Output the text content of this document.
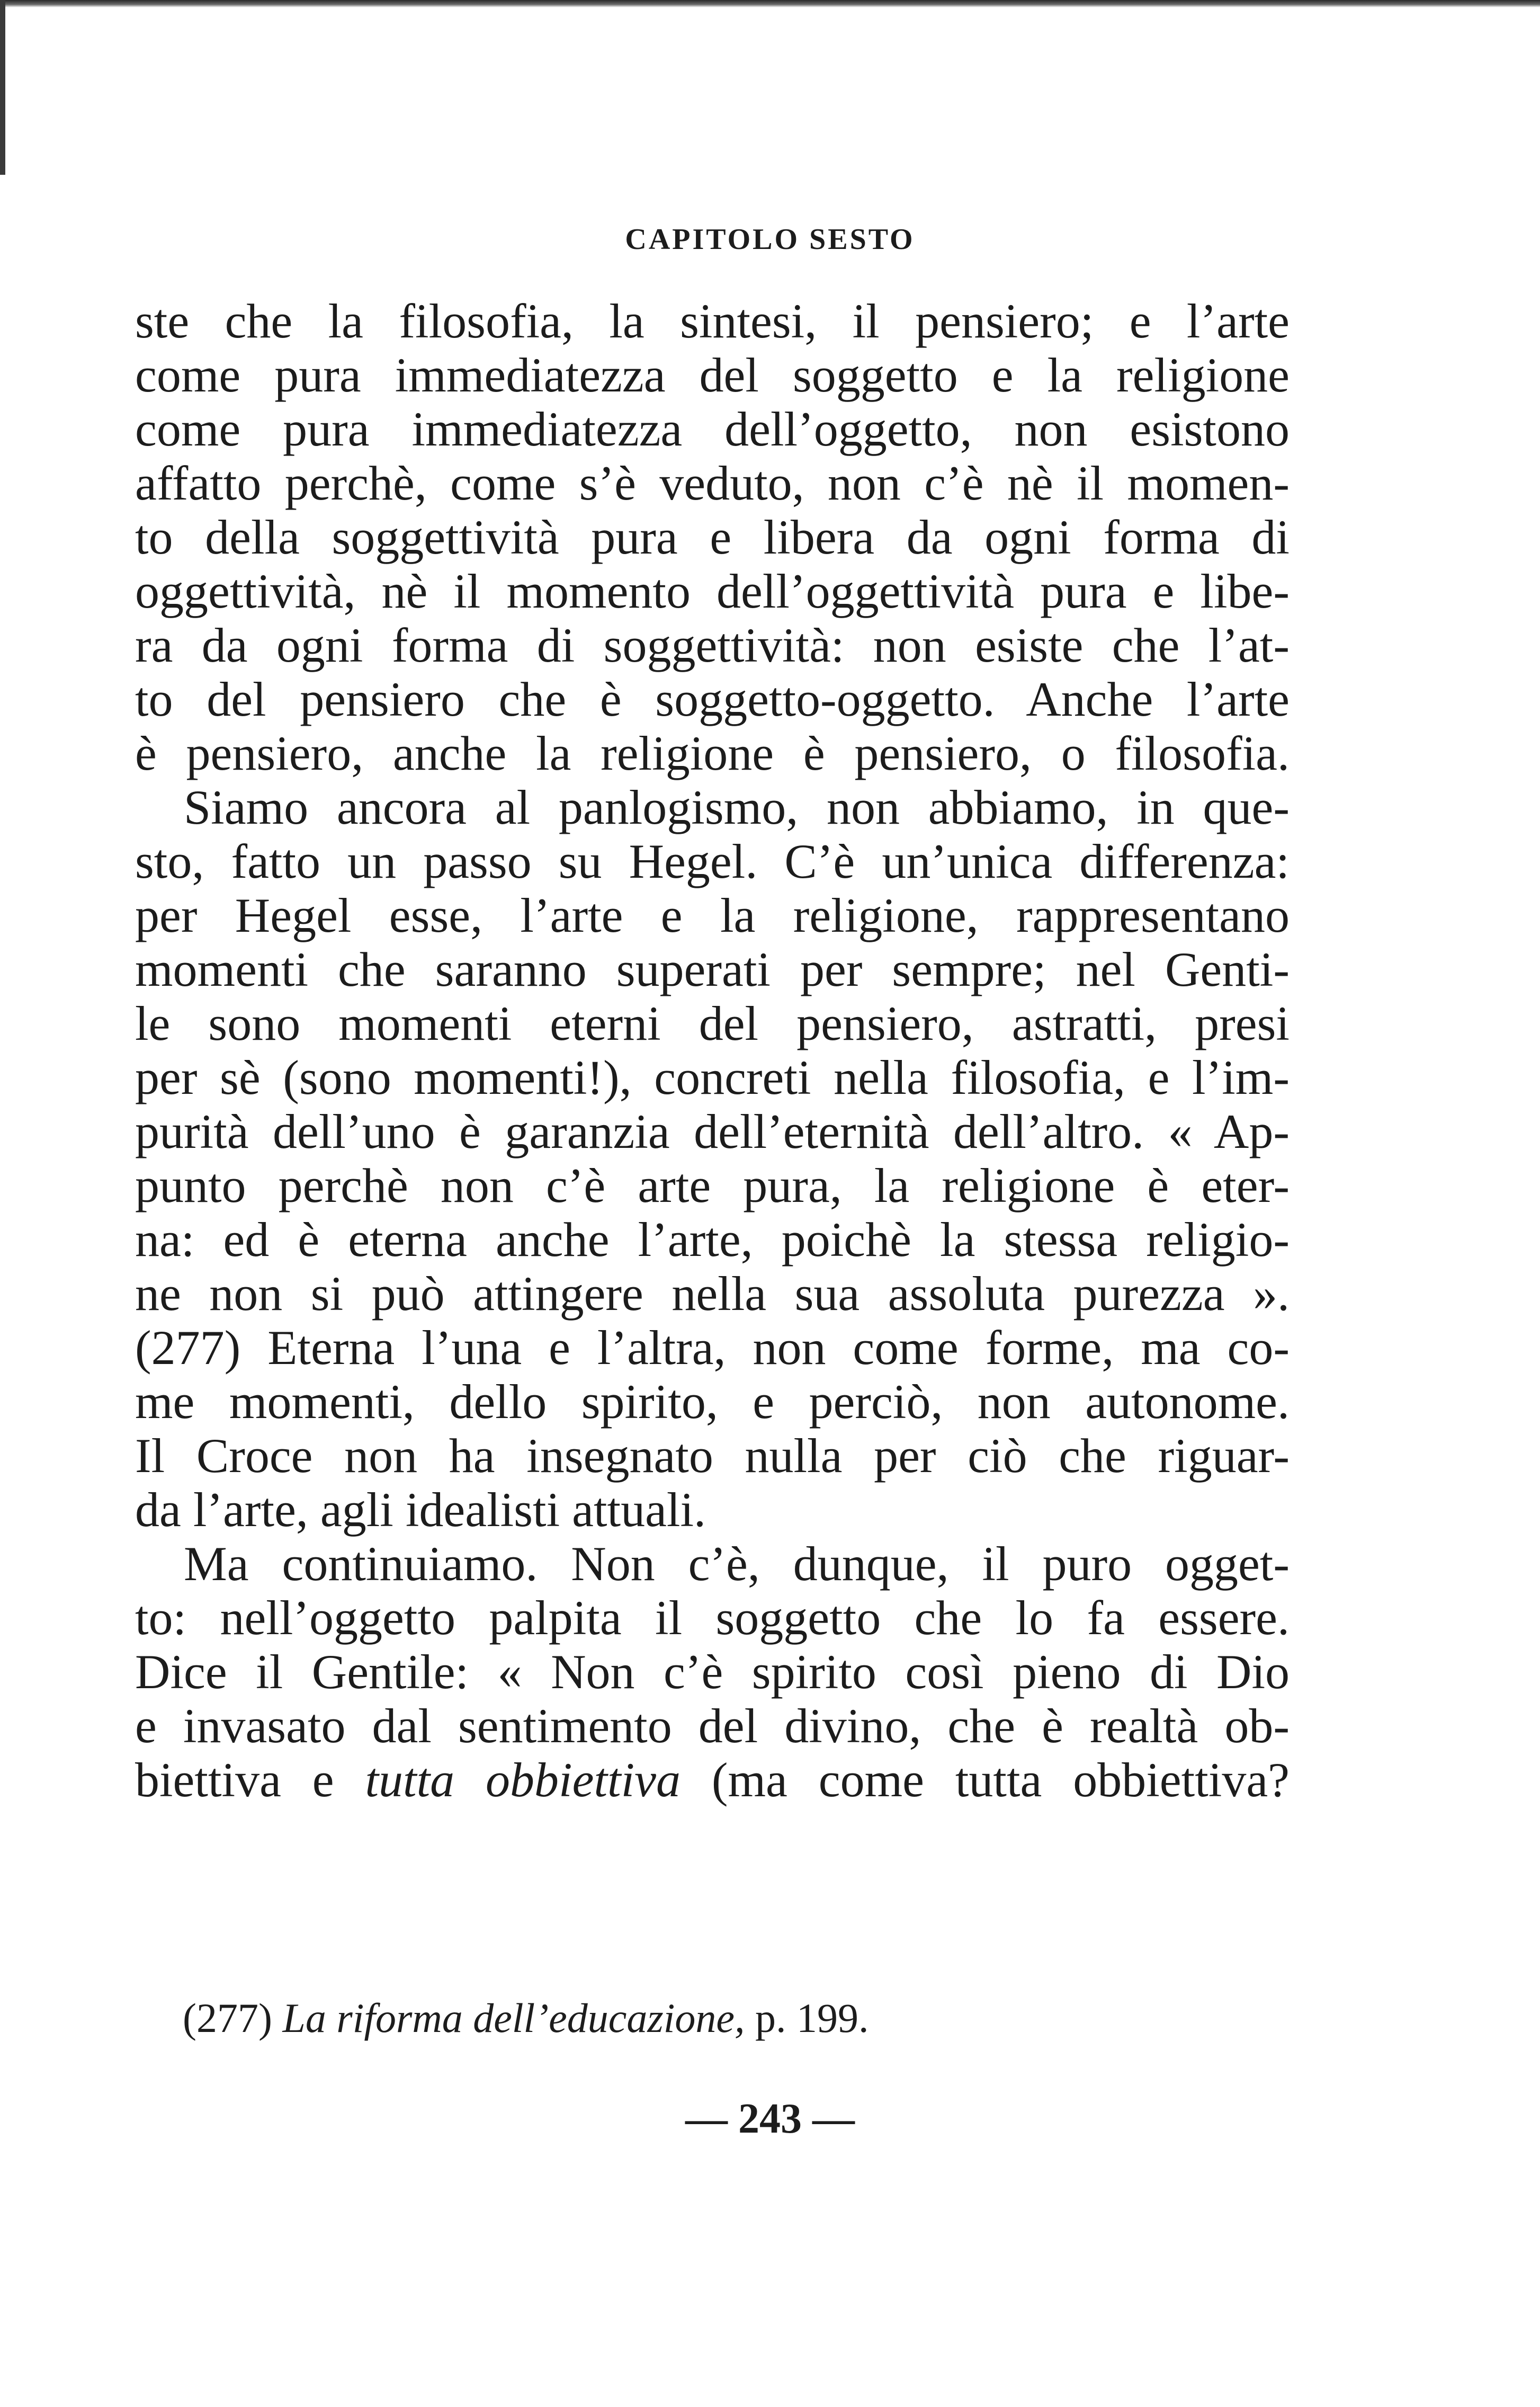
CAPITOLO SESTO
ste che la filosofia, la sintesi, il pensiero; e l’arte
come pura immediatezza del soggetto e la religione
come pura immediatezza dell’oggetto, non esistono
affatto perchè, come s’è veduto, non c’è nè il momen-
to della soggettività pura e libera da ogni forma di
oggettività, nè il momento dell’oggettività pura e libe-
ra da ogni forma di soggettività: non esiste che l’at-
to del pensiero che è soggetto-oggetto. Anche l’arte
è pensiero, anche la religione è pensiero, o filosofia.
Siamo ancora al panlogismo, non abbiamo, in que-
sto, fatto un passo su Hegel. C’è un’unica differenza:
per Hegel esse, l’arte e la religione, rappresentano
momenti che saranno superati per sempre; nel Genti-
le sono momenti eterni del pensiero, astratti, presi
per sè (sono momenti!), concreti nella filosofia, e l’im-
purità dell’uno è garanzia dell’eternità dell’altro. « Ap-
punto perchè non c’è arte pura, la religione è eter-
na: ed è eterna anche l’arte, poichè la stessa religio-
ne non si può attingere nella sua assoluta purezza ».
(277) Eterna l’una e l’altra, non come forme, ma co-
me momenti, dello spirito, e perciò, non autonome.
Il Croce non ha insegnato nulla per ciò che riguar-
da l’arte, agli idealisti attuali.
Ma continuiamo. Non c’è, dunque, il puro ogget-
to: nell’oggetto palpita il soggetto che lo fa essere.
Dice il Gentile: « Non c’è spirito così pieno di Dio
e invasato dal sentimento del divino, che è realtà ob-
biettiva e tutta obbiettiva (ma come tutta obbiettiva?
(277) La riforma dell’educazione, p. 199.
— 243 —
